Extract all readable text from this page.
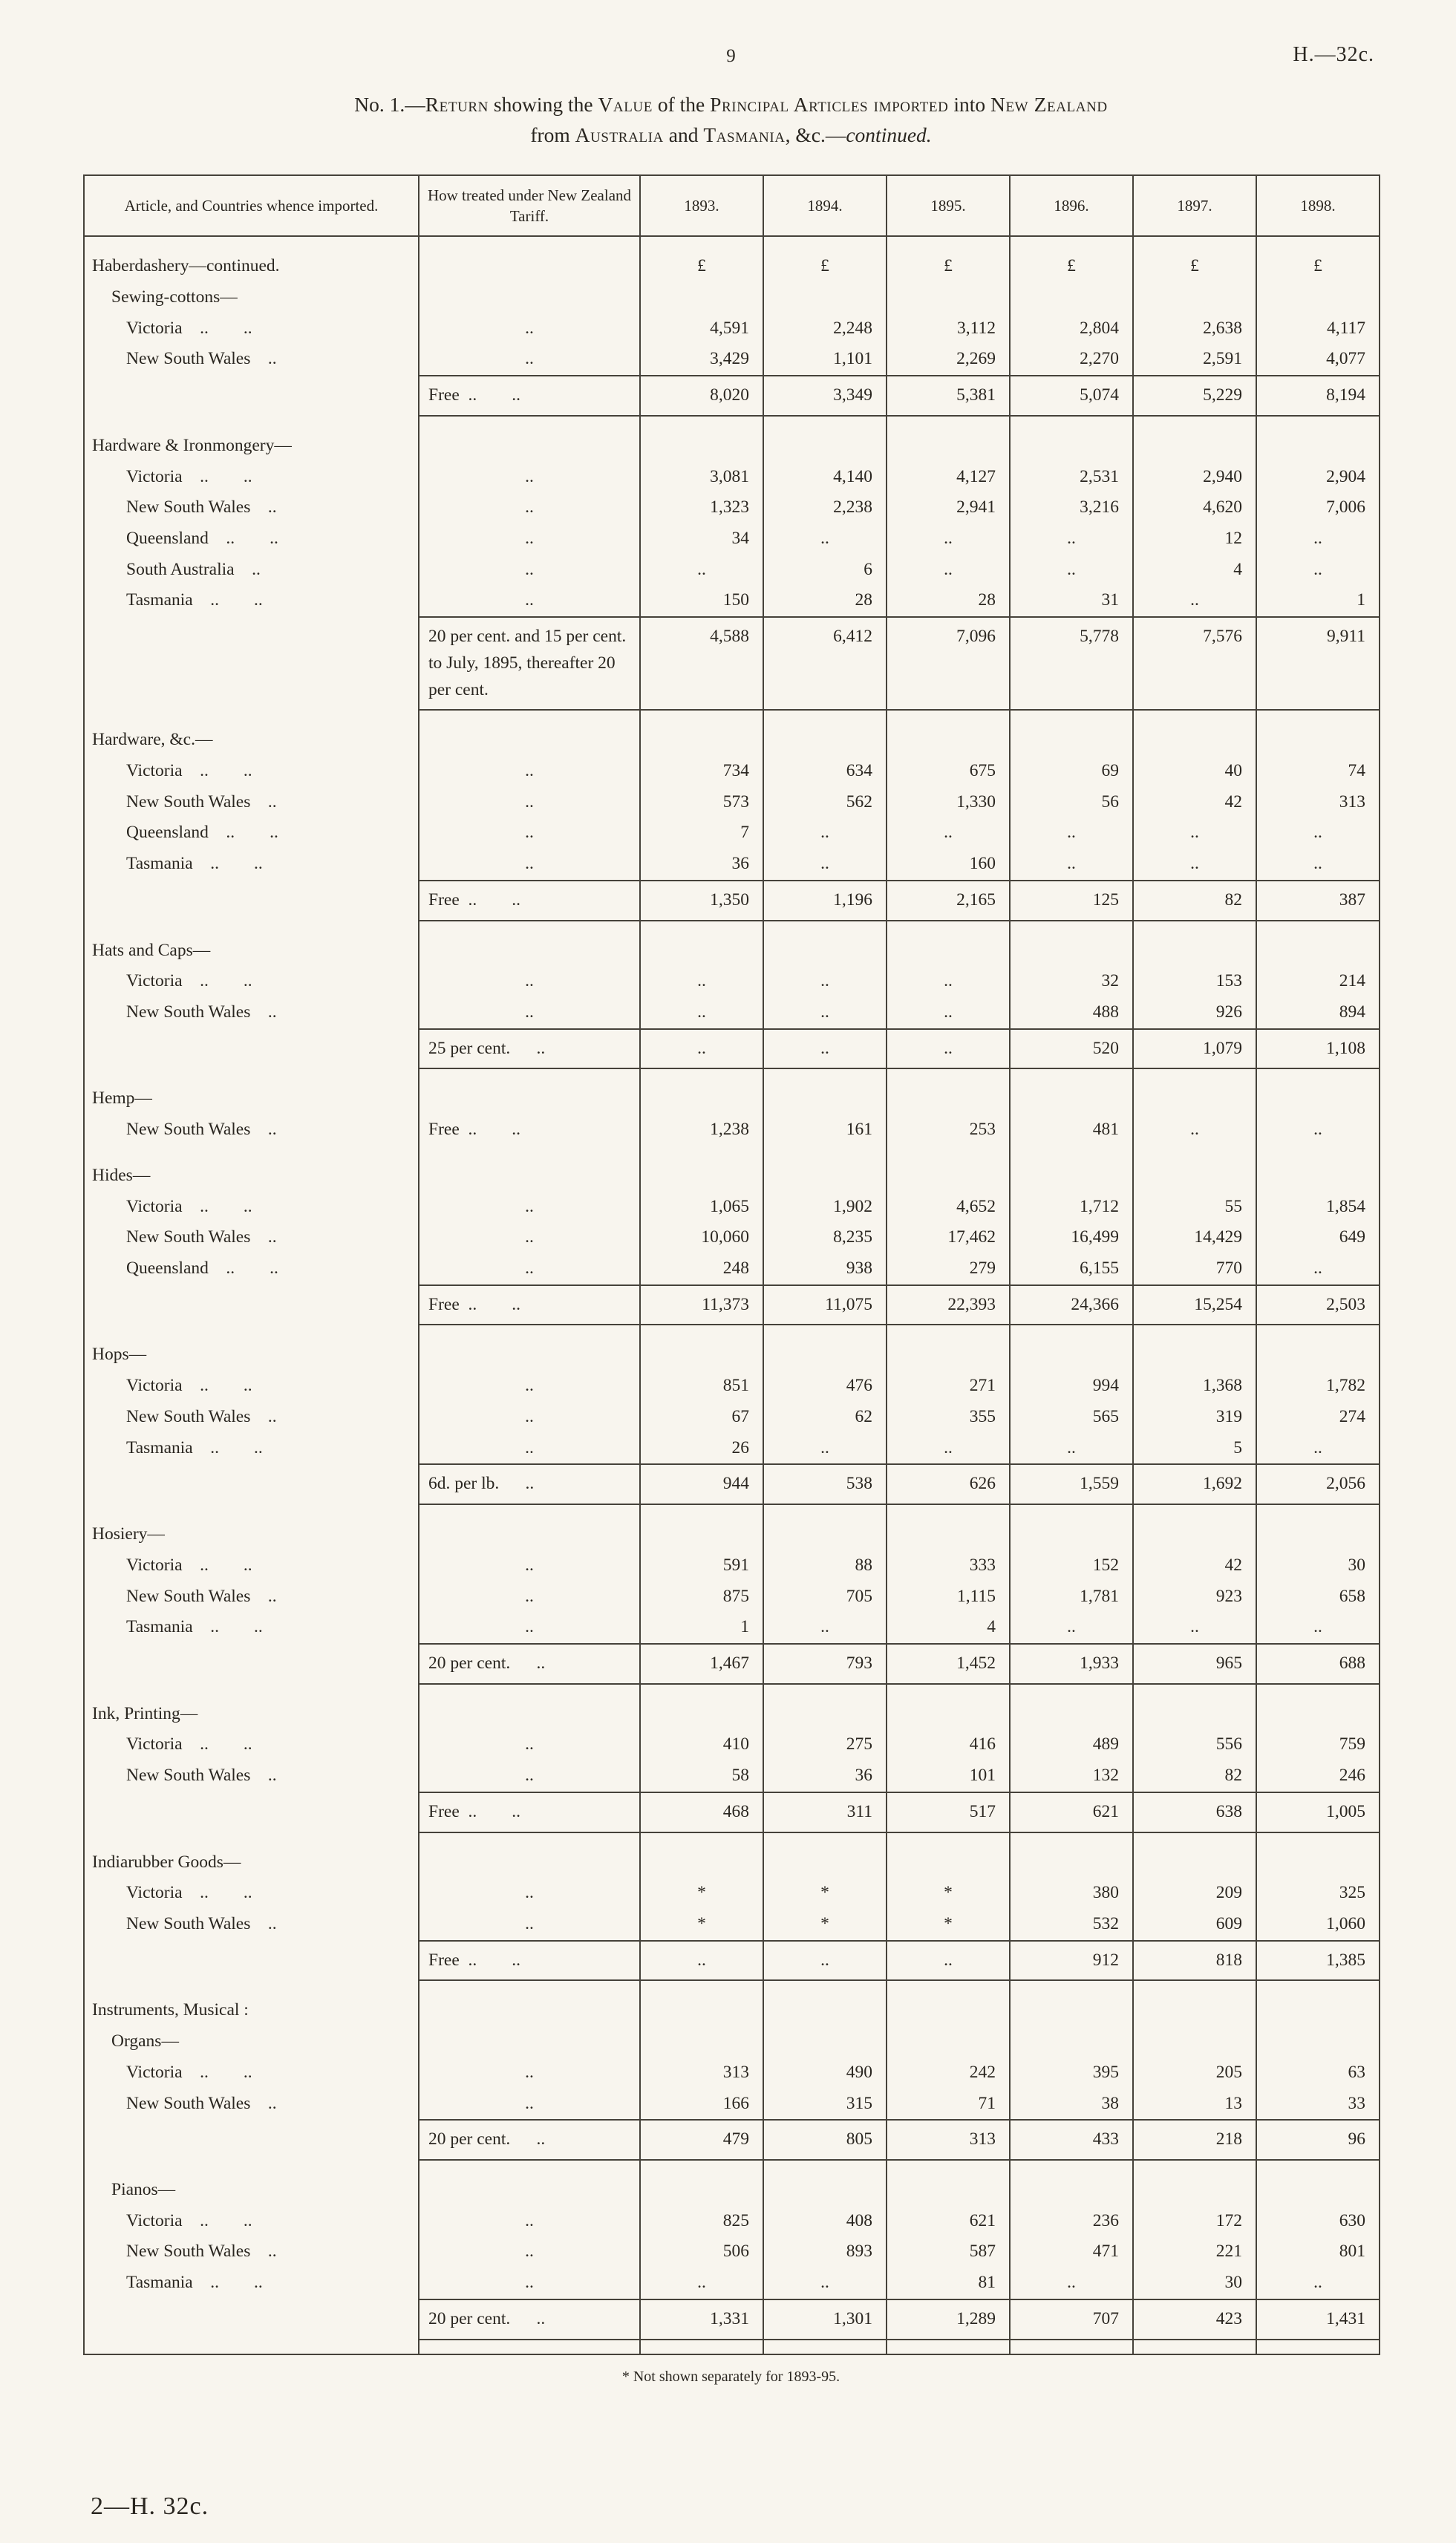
9	H.—32c.
No. 1.—Return showing the Value of the Principal Articles imported into New Zealand
from Australia and Tasmania, &c.—continued.
Article, and Countries whence imported.	How treated under New Zealand Tariff.	1893.	1894.	1895.	1896.	1897.	1898.

Haberdashery—continued.		£	£	£	£	£	£
Sewing-cottons—							
Victoria ..  ..	..	4,591	2,248	3,112	2,804	2,638	4,117
New South Wales ..	..	3,429	1,101	2,269	2,270	2,591	4,077
	Free ..  ..	8,020	3,349	5,381	5,074	5,229	8,194

Hardware & Ironmongery—							
Victoria ..  ..	..	3,081	4,140	4,127	2,531	2,940	2,904
New South Wales ..	..	1,323	2,238	2,941	3,216	4,620	7,006
Queensland ..  ..	..	34	..	..	..	12	..
South Australia ..	..	..	6	..	..	4	..
Tasmania ..  ..	..	150	28	28	31	..	1
	20 per cent. and 15 per cent. to July, 1895, thereafter 20 per cent.	4,588	6,412	7,096	5,778	7,576	9,911

Hardware, &c.—							
Victoria ..  ..	..	734	634	675	69	40	74
New South Wales ..	..	573	562	1,330	56	42	313
Queensland ..  ..	..	7	..	..	..	..	..
Tasmania ..  ..	..	36	..	160	..	..	..
	Free ..  ..	1,350	1,196	2,165	125	82	387

Hats and Caps—							
Victoria ..  ..	..	..	..	..	32	153	214
New South Wales ..	..	..	..	..	488	926	894
	25 per cent.  ..	..	..	..	520	1,079	1,108

Hemp—							
New South Wales ..	Free ..  ..	1,238	161	253	481	..	..

Hides—							
Victoria ..  ..	..	1,065	1,902	4,652	1,712	55	1,854
New South Wales ..	..	10,060	8,235	17,462	16,499	14,429	649
Queensland ..  ..	..	248	938	279	6,155	770	..
	Free ..  ..	11,373	11,075	22,393	24,366	15,254	2,503

Hops—							
Victoria ..  ..	..	851	476	271	994	1,368	1,782
New South Wales ..	..	67	62	355	565	319	274
Tasmania ..  ..	..	26	..	..	..	5	..
	6d. per lb.  ..	944	538	626	1,559	1,692	2,056

Hosiery—							
Victoria ..  ..	..	591	88	333	152	42	30
New South Wales ..	..	875	705	1,115	1,781	923	658
Tasmania ..  ..	..	1	..	4	..	..	..
	20 per cent.  ..	1,467	793	1,452	1,933	965	688

Ink, Printing—							
Victoria ..  ..	..	410	275	416	489	556	759
New South Wales ..	..	58	36	101	132	82	246
	Free ..  ..	468	311	517	621	638	1,005

Indiarubber Goods—							
Victoria ..  ..	..	*	*	*	380	209	325
New South Wales ..	..	*	*	*	532	609	1,060
	Free ..  ..	..	..	..	912	818	1,385

Instruments, Musical :							
Organs—							
Victoria ..  ..	..	313	490	242	395	205	63
New South Wales ..	..	166	315	71	38	13	33
	20 per cent.  ..	479	805	313	433	218	96

Pianos—							
Victoria ..  ..	..	825	408	621	236	172	630
New South Wales ..	..	506	893	587	471	221	801
Tasmania ..  ..	..	..	..	81	..	30	..
	20 per cent.  ..	1,331	1,301	1,289	707	423	1,431

* Not shown separately for 1893-95.
2—H. 32c.
